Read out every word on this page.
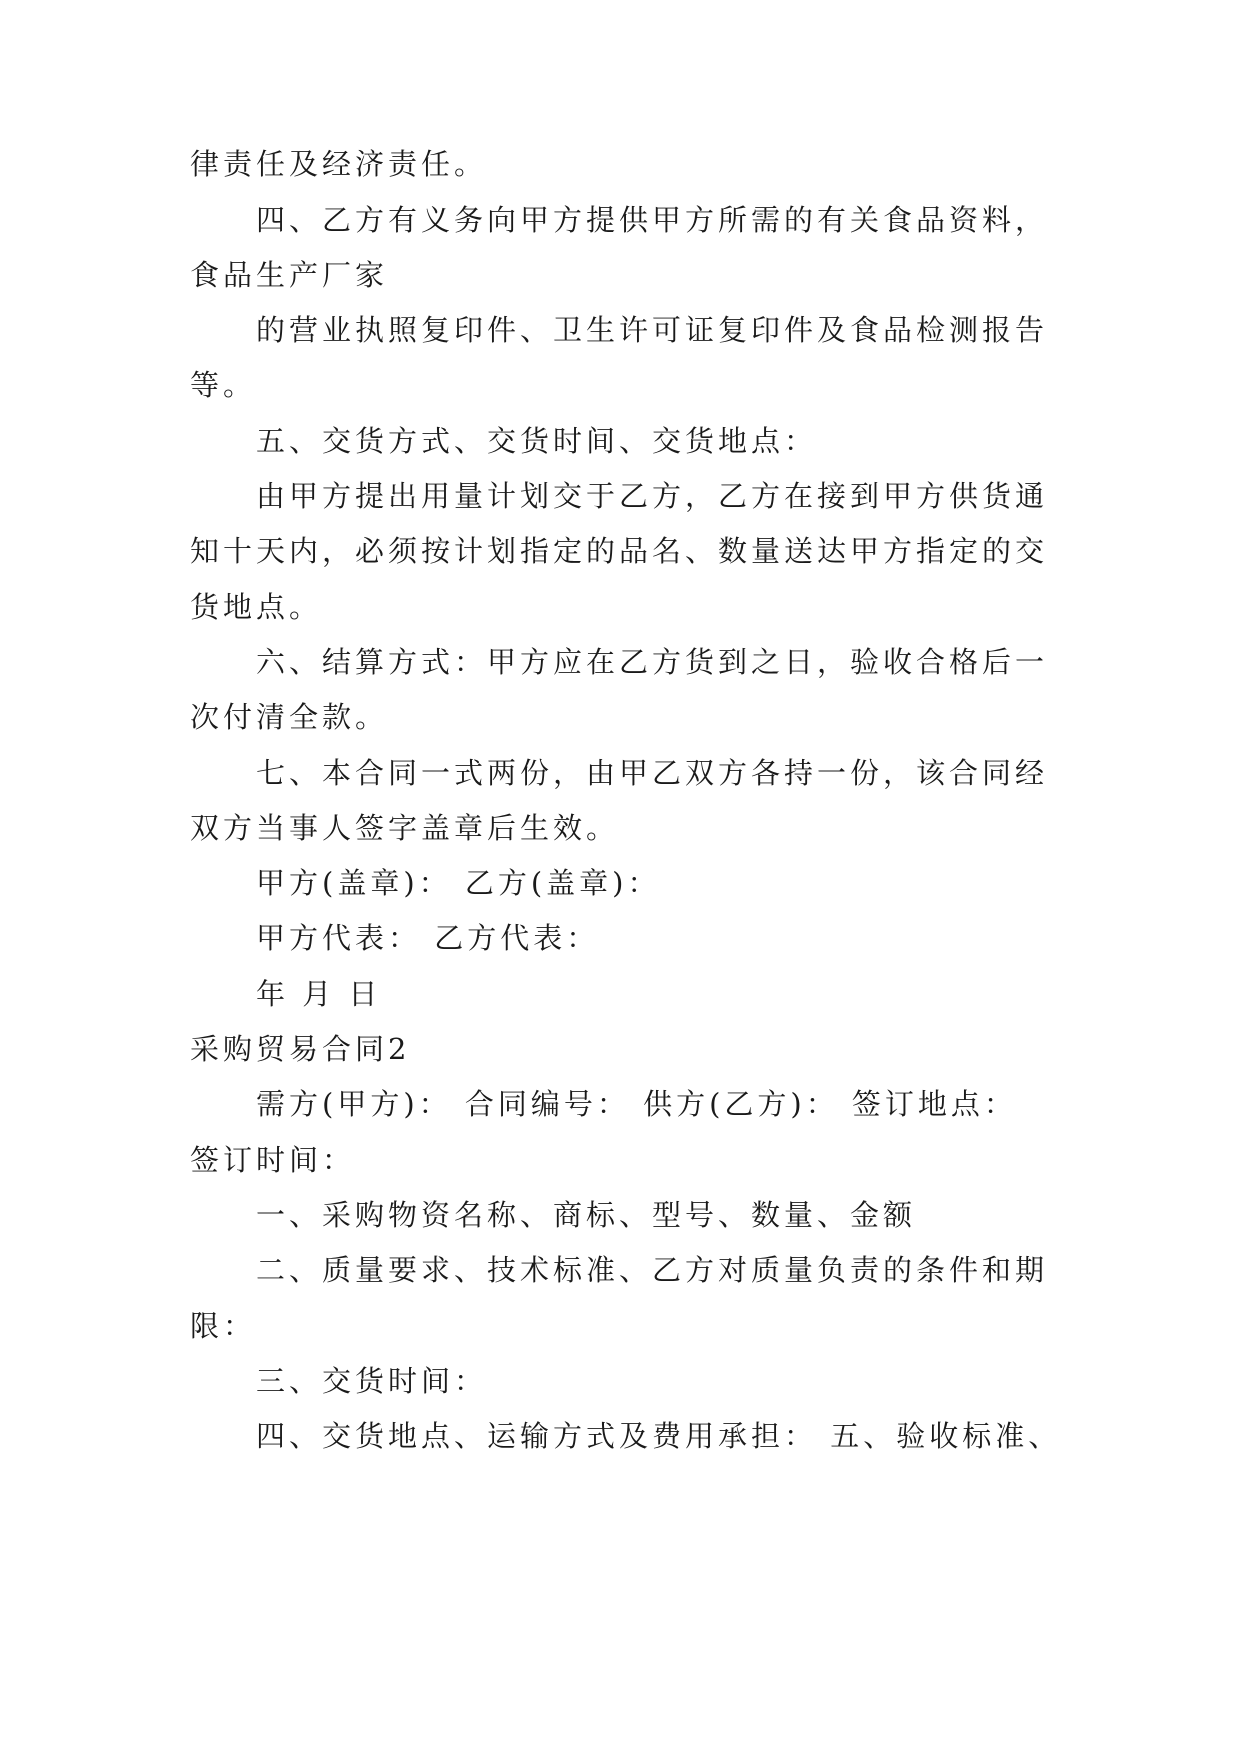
律责任及经济责任。
四、乙方有义务向甲方提供甲方所需的有关食品资料，
食品生产厂家
的营业执照复印件、卫生许可证复印件及食品检测报告
等。
五、交货方式、交货时间、交货地点：
由甲方提出用量计划交于乙方，乙方在接到甲方供货通
知十天内，必须按计划指定的品名、数量送达甲方指定的交
货地点。
六、结算方式：甲方应在乙方货到之日，验收合格后一
次付清全款。
七、本合同一式两份，由甲乙双方各持一份，该合同经
双方当事人签字盖章后生效。
甲方(盖章)： 乙方(盖章)：
甲方代表： 乙方代表：
年 月 日
采购贸易合同2
需方(甲方)： 合同编号： 供方(乙方)： 签订地点：
签订时间：
一、采购物资名称、商标、型号、数量、金额
二、质量要求、技术标准、乙方对质量负责的条件和期
限：
三、交货时间：
四、交货地点、运输方式及费用承担： 五、验收标准、
